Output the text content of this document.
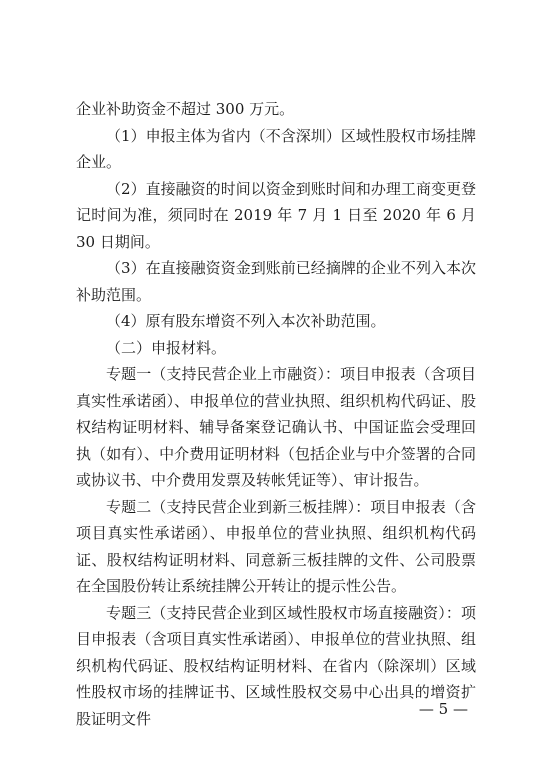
企业补助资金不超过 300 万元。

（1）申报主体为省内（不含深圳）区域性股权市场挂牌企业。

（2）直接融资的时间以资金到账时间和办理工商变更登记时间为准，须同时在 2019 年 7 月 1 日至 2020 年 6 月 30 日期间。

（3）在直接融资资金到账前已经摘牌的企业不列入本次补助范围。

（4）原有股东增资不列入本次补助范围。

（二）申报材料。

专题一（支持民营企业上市融资）：项目申报表（含项目真实性承诺函）、申报单位的营业执照、组织机构代码证、股权结构证明材料、辅导备案登记确认书、中国证监会受理回执（如有）、中介费用证明材料（包括企业与中介签署的合同或协议书、中介费用发票及转帐凭证等）、审计报告。

专题二（支持民营企业到新三板挂牌）：项目申报表（含项目真实性承诺函）、申报单位的营业执照、组织机构代码证、股权结构证明材料、同意新三板挂牌的文件、公司股票在全国股份转让系统挂牌公开转让的提示性公告。

专题三（支持民营企业到区域性股权市场直接融资）：项目申报表（含项目真实性承诺函）、申报单位的营业执照、组织机构代码证、股权结构证明材料、在省内（除深圳）区域性股权市场的挂牌证书、区域性股权交易中心出具的增资扩股证明文件

— 5 —
